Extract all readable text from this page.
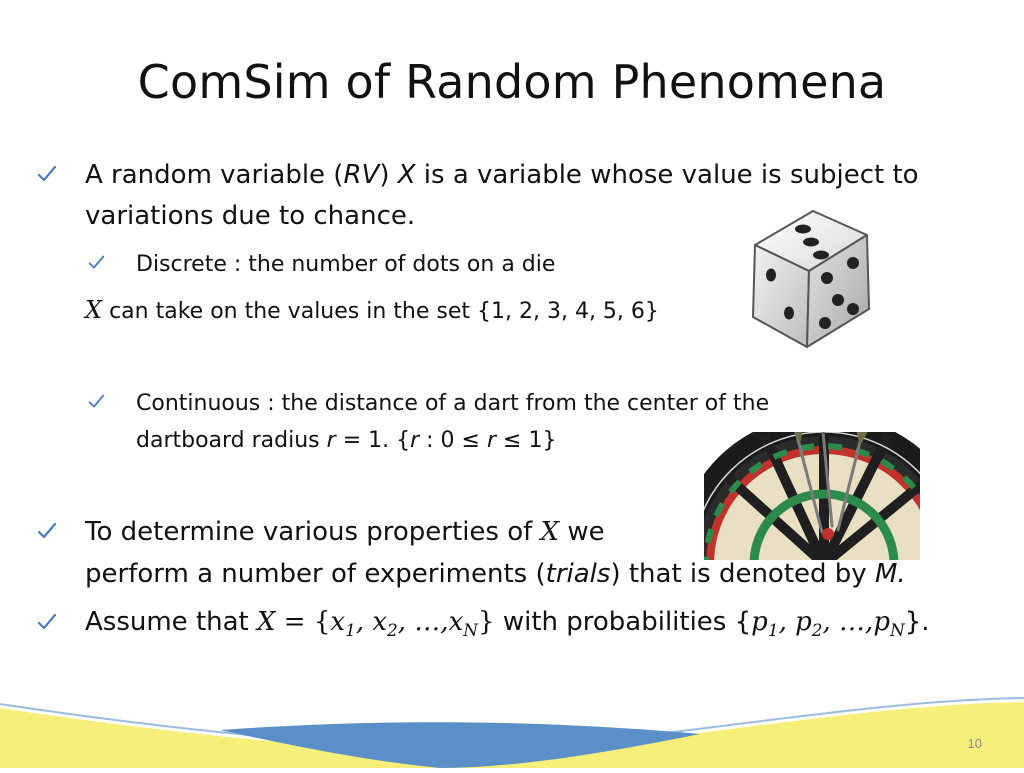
ComSim of Random Phenomena
A random variable (RV) X is a variable whose value is subject to
variations due to chance.
Discrete : the number of dots on a die
X can take on the values in the set {1, 2, 3, 4, 5, 6}
Continuous : the distance of a dart from the center of the
dartboard radius r = 1. {r : 0 ≤ r ≤ 1}
To determine various properties of X we
perform a number of experiments (trials) that is denoted by M.
Assume that $X = \{x_1$, $x_2$, $\dots,x_N$} with probabilities {$p_1$, $p_2$, $\dots,p_N$}.
10
